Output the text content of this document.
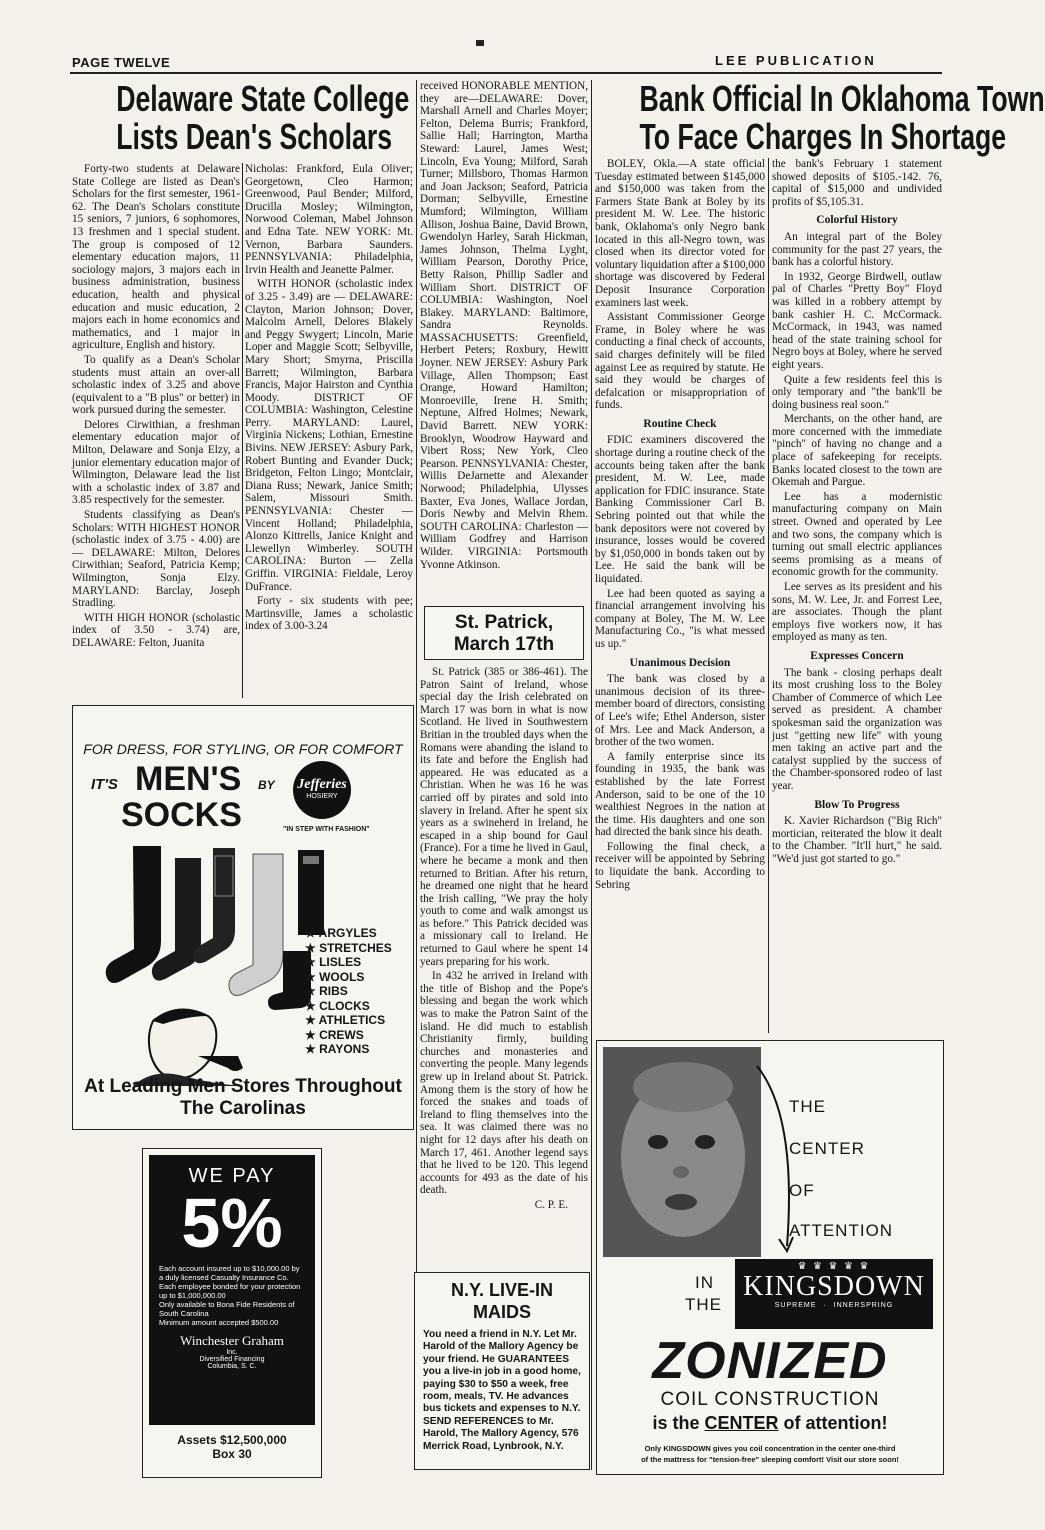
PAGE TWELVE	LEE PUBLICATION
Delaware State College
Lists Dean's Scholars

Forty-two students at Delaware State College are listed as Dean's Scholars for the first semester, 1961-62. The Dean's Scholars constitute 15 seniors, 7 juniors, 6 sophomores, 13 freshmen and 1 special student. The group is composed of 12 elementary education majors, 11 sociology majors, 3 majors each in business administration, business education, health and physical education and music education, 2 majors each in home economics and mathematics, and 1 major in agriculture, English and history.

To qualify as a Dean's Scholar students must attain an over-all scholastic index of 3.25 and above (equivalent to a "B plus" or better) in work pursued during the semester.

Delores Cirwithian, a freshman elementary education major of Milton, Delaware and Sonja Elzy, a junior elementary education major of Wilmington, Delaware lead the list with a scholastic index of 3.87 and 3.85 respectively for the semester.

Students classifying as Dean's Scholars: WITH HIGHEST HONOR (scholastic index of 3.75 - 4.00) are— DELAWARE: Milton, Delores Cirwithian; Seaford, Patricia Kemp; Wilmington, Sonja Elzy. MARYLAND: Barclay, Joseph Stradling.

WITH HIGH HONOR (scholastic index of 3.50 - 3.74) are, DELAWARE: Felton, Juanita

Nicholas: Frankford, Eula Oliver; Georgetown, Cleo Harmon; Greenwood, Paul Bender; Milford, Drucilla Mosley; Wilmington, Norwood Coleman, Mabel Johnson and Edna Tate. NEW YORK: Mt. Vernon, Barbara Saunders. PENNSYLVANIA: Philadelphia, Irvin Health and Jeanette Palmer.

WITH HONOR (scholastic index of 3.25 - 3.49) are — DELAWARE: Clayton, Marion Johnson; Dover, Malcolm Arnell, Delores Blakely and Peggy Swygert; Lincoln, Marie Loper and Maggie Scott; Selbyville, Mary Short; Smyrna, Priscilla Barrett; Wilmington, Barbara Francis, Major Hairston and Cynthia Moody. DISTRICT OF COLUMBIA: Washington, Celestine Perry. MARYLAND: Laurel, Virginia Nickens; Lothian, Ernestine Bivins. NEW JERSEY: Asbury Park, Robert Bunting and Evander Duck; Bridgeton, Felton Lingo; Montclair, Diana Russ; Newark, Janice Smith; Salem, Missouri Smith. PENNSYLVANIA: Chester — Vincent Holland; Philadelphia, Alonzo Kittrells, Janice Knight and Llewellyn Wimberley. SOUTH CAROLINA: Burton — Zella Griffin. VIRGINIA: Fieldale, Leroy DuFrance.

Forty - six students with pee; Martinsville, James a scholastic index of 3.00-3.24

received HONORABLE MENTION, they are—DELAWARE: Dover, Marshall Arnell and Charles Moyer; Felton, Delema Burris; Frankford, Sallie Hall; Harrington, Martha Steward: Laurel, James West; Lincoln, Eva Young; Milford, Sarah Turner; Millsboro, Thomas Harmon and Joan Jackson; Seaford, Patricia Dorman; Selbyville, Ernestine Mumford; Wilmington, William Allison, Joshua Baine, David Brown, Gwendolyn Harley, Sarah Hickman, James Johnson, Thelma Lyght, William Pearson, Dorothy Price, Betty Raison, Phillip Sadler and William Short. DISTRICT OF COLUMBIA: Washington, Noel Blakey. MARYLAND: Baltimore, Sandra Reynolds. MASSACHUSETTS: Greenfield, Herbert Peters; Roxbury, Hewitt Joyner. NEW JERSEY: Asbury Park Village, Allen Thompson; East Orange, Howard Hamilton; Monroeville, Irene H. Smith; Neptune, Alfred Holmes; Newark, David Barrett. NEW YORK: Brooklyn, Woodrow Hayward and Vibert Ross; New York, Cleo Pearson. PENNSYLVANIA: Chester, Willis DeJarnette and Alexander Norwood; Philadelphia, Ulysses Baxter, Eva Jones, Wallace Jordan, Doris Newby and Melvin Rhem. SOUTH CAROLINA: Charleston — William Godfrey and Harrison Wilder. VIRGINIA: Portsmouth Yvonne Atkinson.

FOR DRESS, FOR STYLING, OR FOR COMFORT
IT'S MEN'S
SOCKS
BY	Jefferies
HOSIERY
"IN STEP WITH FASHION"
★ ARGYLES
★ STRETCHES
★ LISLES
★ WOOLS
★ RIBS
★ CLOCKS
★ ATHLETICS
★ CREWS
★ RAYONS
At Leading Men Stores Throughout
The Carolinas
WE PAY
5%
Each account insured up to $10,000.00 by a duly licensed Casualty Insurance Co.
Each employee bonded for your protection up to $1,000,000.00
Only available to Bona Fide Residents of South Carolina
Minimum amount accepted $500.00
Winchester Graham
Inc.
Diversified Financing
Columbia, S. C.
Assets $12,500,000
Box 30
St. Patrick,
March 17th

St. Patrick (385 or 386-461). The Patron Saint of Ireland, whose special day the Irish celebrated on March 17 was born in what is now Scotland. He lived in Southwestern Britian in the troubled days when the Romans were abanding the island to its fate and before the English had appeared. He was educated as a Christian. When he was 16 he was carried off by pirates and sold into slavery in Ireland. After he spent six years as a swineherd in Ireland, he escaped in a ship bound for Gaul (France). For a time he lived in Gaul, where he became a monk and then returned to Britian. After his return, he dreamed one night that he heard the Irish calling, "We pray the holy youth to come and walk amongst us as before." This Patrick decided was a missionary call to Ireland. He returned to Gaul where he spent 14 years preparing for his work.

In 432 he arrived in Ireland with the title of Bishop and the Pope's blessing and began the work which was to make the Patron Saint of the island. He did much to establish Christianity firmly, building churches and monasteries and converting the people. Many legends grew up in Ireland about St. Patrick. Among them is the story of how he forced the snakes and toads of Ireland to fling themselves into the sea. It was claimed there was no night for 12 days after his death on March 17, 461. Another legend says that he lived to be 120. This legend accounts for 493 as the date of his death.

C. P. E.
N.Y. LIVE-IN
MAIDS
You need a friend in N.Y. Let Mr. Harold of the Mallory Agency be your friend. He GUARANTEES you a live-in job in a good home, paying $30 to $50 a week, free room, meals, TV. He advances bus tickets and expenses to N.Y. SEND REFERENCES to Mr. Harold, The Mallory Agency, 576 Merrick Road, Lynbrook, N.Y.
Bank Official In Oklahoma Town
To Face Charges In Shortage

BOLEY, Okla.—A state official Tuesday estimated between $145,000 and $150,000 was taken from the Farmers State Bank at Boley by its president M. W. Lee. The historic bank, Oklahoma's only Negro bank located in this all-Negro town, was closed when its director voted for voluntary liquidation after a $100,000 shortage was discovered by Federal Deposit Insurance Corporation examiners last week.

Assistant Commissioner George Frame, in Boley where he was conducting a final check of accounts, said charges definitely will be filed against Lee as required by statute. He said they would be charges of defalcation or misappropriation of funds.

Routine Check

FDIC examiners discovered the shortage during a routine check of the accounts being taken after the bank president, M. W. Lee, made application for FDIC insurance. State Banking Commissioner Carl B. Sebring pointed out that while the bank depositors were not covered by insurance, losses would be covered by $1,050,000 in bonds taken out by Lee. He said the bank will be liquidated.

Lee had been quoted as saying a financial arrangement involving his company at Boley, The M. W. Lee Manufacturing Co., "is what messed us up."

Unanimous Decision

The bank was closed by a unanimous decision of its three-member board of directors, consisting of Lee's wife; Ethel Anderson, sister of Mrs. Lee and Mack Anderson, a brother of the two women.

A family enterprise since its founding in 1935, the bank was established by the late Forrest Anderson, said to be one of the 10 wealthiest Negroes in the nation at the time. His daughters and one son had directed the bank since his death.

Following the final check, a receiver will be appointed by Sebring to liquidate the bank. According to Sebring

the bank's February 1 statement showed deposits of $105.-142. 76, capital of $15,000 and undivided profits of $5,105.31.

Colorful History

An integral part of the Boley community for the past 27 years, the bank has a colorful history.

In 1932, George Birdwell, outlaw pal of Charles "Pretty Boy" Floyd was killed in a robbery attempt by bank cashier H. C. McCormack. McCormack, in 1943, was named head of the state training school for Negro boys at Boley, where he served eight years.

Quite a few residents feel this is only temporary and "the bank'll be doing business real soon."

Merchants, on the other hand, are more concerned with the immediate "pinch" of having no change and a place of safekeeping for receipts. Banks located closest to the town are Okemah and Pargue.

Lee has a modernistic manufacturing company on Main street. Owned and operated by Lee and two sons, the company which is turning out small electric appliances seems promising as a means of economic growth for the community.

Lee serves as its president and his sons, M. W. Lee, Jr. and Forrest Lee, are associates. Though the plant employs five workers now, it has employed as many as ten.

Expresses Concern

The bank - closing perhaps dealt its most crushing loss to the Boley Chamber of Commerce of which Lee served as president. A chamber spokesman said the organization was just "getting new life" with young men taking an active part and the catalyst supplied by the success of the Chamber-sponsored rodeo of last year.

Blow To Progress

K. Xavier Richardson ("Big Rich" mortician, reiterated the blow it dealt to the Chamber. "It'll hurt," he said. "We'd just got started to go."

THE
CENTER
OF
ATTENTION
IN
THE
♛ ♛ ♛ ♛ ♛
KINGSDOWN
SUPREME · INNERSPRING
ZONIZED
COIL CONSTRUCTION
is the CENTER of attention!
Only KINGSDOWN gives you coil concentration in the center one-third
of the mattress for "tension-free" sleeping comfort! Visit our store soon!
